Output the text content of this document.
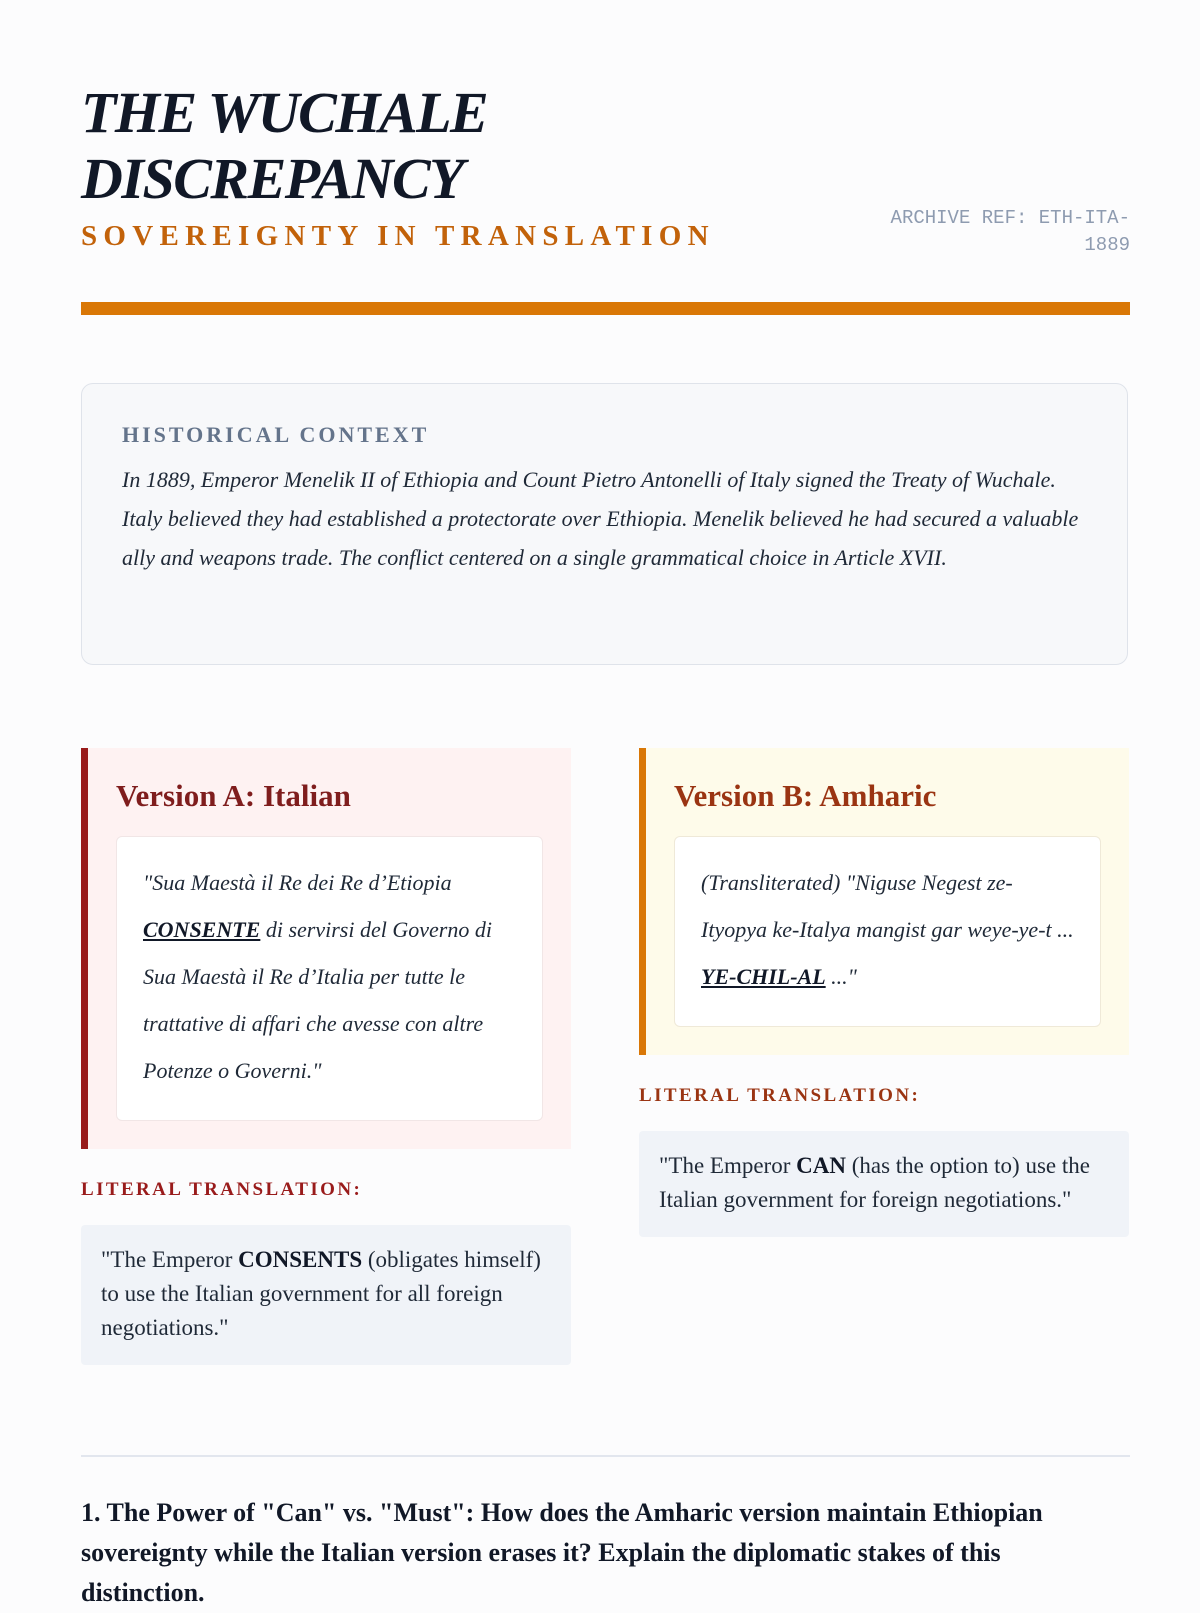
THE WUCHALE
DISCREPANCY
SOVEREIGNTY IN TRANSLATION
ARCHIVE REF: ETH-ITA-1889
HISTORICAL CONTEXT

In 1889, Emperor Menelik II of Ethiopia and Count Pietro Antonelli of Italy signed the Treaty of Wuchale. Italy believed they had established a protectorate over Ethiopia. Menelik believed he had secured a valuable ally and weapons trade. The conflict centered on a single grammatical choice in Article XVII.

Version A: Italian
"Sua Maestà il Re dei Re d’Etiopia CONSENTE di servirsi del Governo di Sua Maestà il Re d’Italia per tutte le trattative di affari che avesse con altre Potenze o Governi."
LITERAL TRANSLATION:
"The Emperor CONSENTS (obligates himself) to use the Italian government for all foreign negotiations."
Version B: Amharic
(Transliterated) "Niguse Negest ze-Ityopya ke-Italya mangist gar weye-ye-t ... YE-CHIL-AL ..."
LITERAL TRANSLATION:
"The Emperor CAN (has the option to) use the Italian government for foreign negotiations."

1. The Power of "Can" vs. "Must": How does the Amharic version maintain Ethiopian sovereignty while the Italian version erases it? Explain the diplomatic stakes of this distinction.
